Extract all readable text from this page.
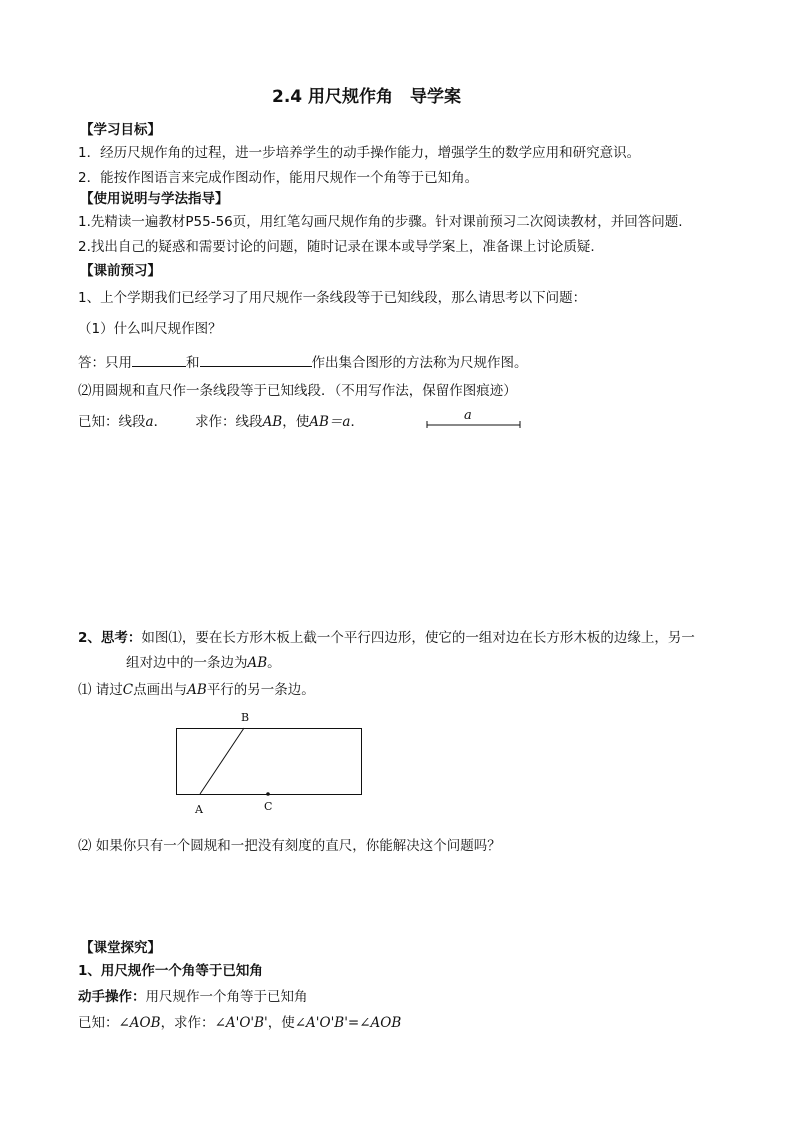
2.4 用尺规作角　导学案
【学习目标】
1．经历尺规作角的过程，进一步培养学生的动手操作能力，增强学生的数学应用和研究意识。
2．能按作图语言来完成作图动作，能用尺规作一个角等于已知角。
【使用说明与学法指导】
1.先精读一遍教材P55-56页，用红笔勾画尺规作角的步骤。针对课前预习二次阅读教材，并回答问题.
2.找出自己的疑惑和需要讨论的问题，随时记录在课本或导学案上，准备课上讨论质疑.
【课前预习】
1、上个学期我们已经学习了用尺规作一条线段等于已知线段，那么请思考以下问题：
（1）什么叫尺规作图？
答：只用	和	作出集合图形的方法称为尺规作图。
⑵用圆规和直尺作一条线段等于已知线段．（不用写作法，保留作图痕迹）
已知：线段a． 求作：线段AB，使AB＝a．	a
2、思考：如图⑴，要在长方形木板上截一个平行四边形，使它的一组对边在长方形木板的边缘上，另一
组对边中的一条边为AB。
⑴ 请过C点画出与AB平行的另一条边。
B
A	C
⑵ 如果你只有一个圆规和一把没有刻度的直尺，你能解决这个问题吗？
【课堂探究】
1、用尺规作一个角等于已知角
动手操作：用尺规作一个角等于已知角
已知：∠AOB，求作：∠A'O'B'，使∠A'O'B'=∠AOB
